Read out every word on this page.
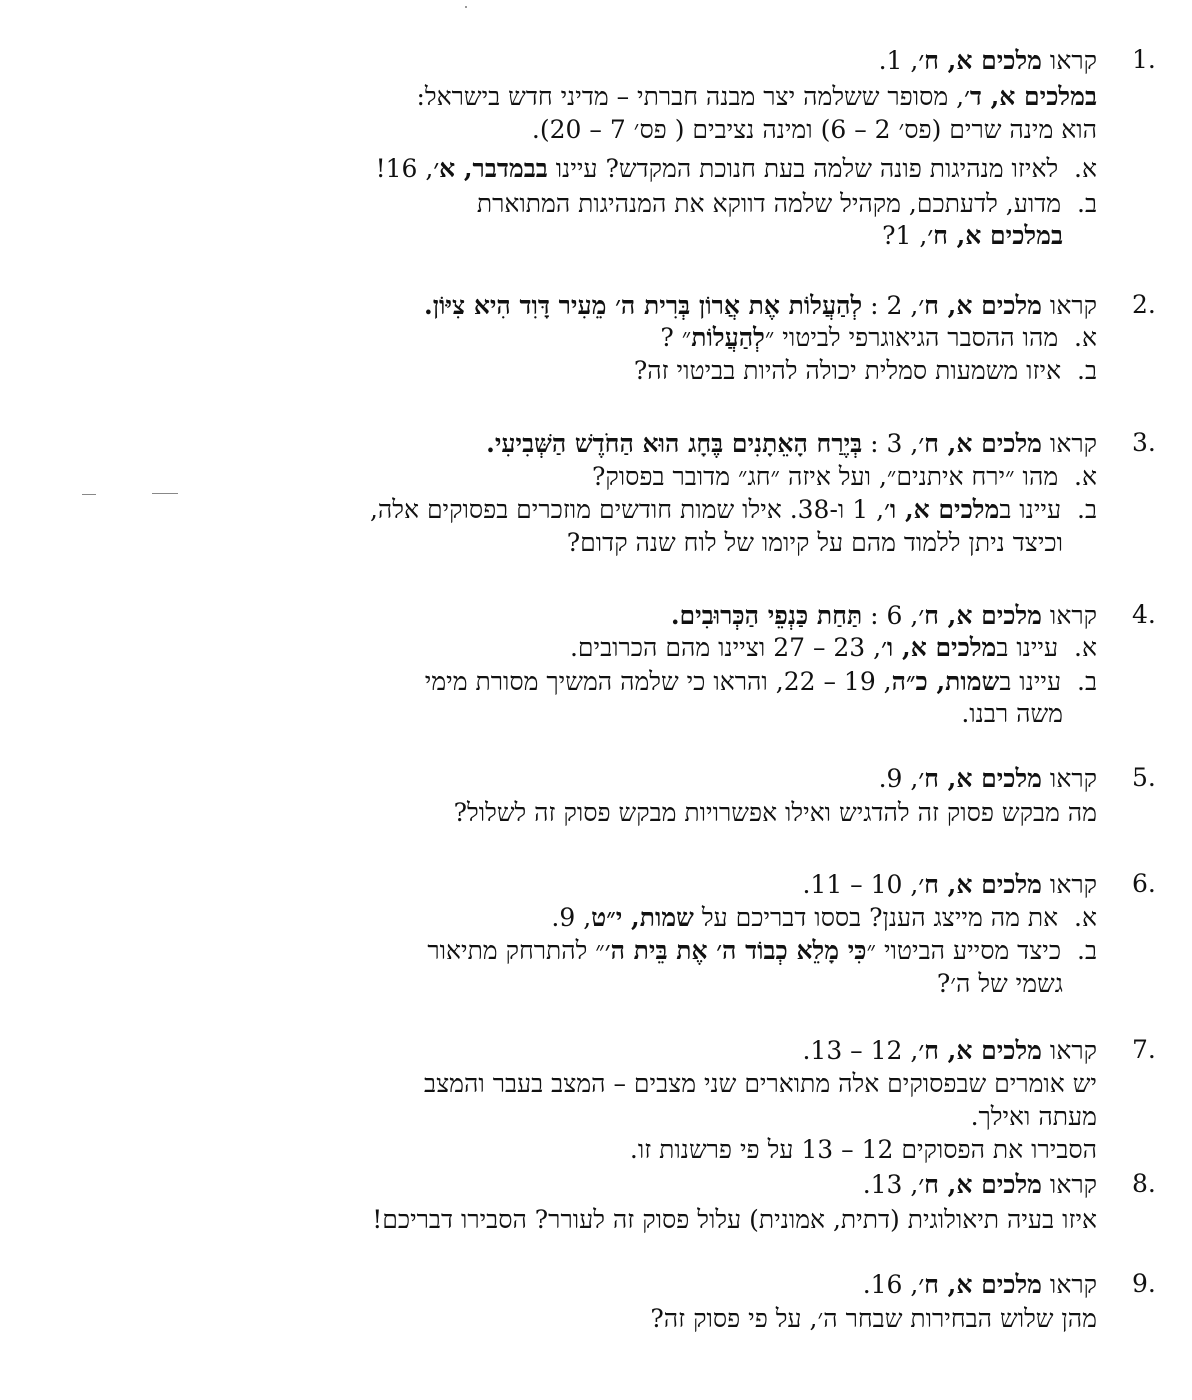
1.

קראו מלכים א, ח׳, 1.

במלכים א, ד׳, מסופר ששלמה יצר מבנה חברתי – מדיני חדש בישראל:

הוא מינה שרים (פס׳ 2 – 6) ומינה נציבים ( פס׳ 7 – 20).

א.  לאיזו מנהיגות פונה שלמה בעת חנוכת המקדש? עיינו בבמדבר, א׳, 16!

ב.  מדוע, לדעתכם, מקהיל שלמה דווקא את המנהיגות המתוארת

במלכים א, ח׳, 1?

2.

קראו מלכים א, ח׳, 2 : לְהַעֲלוֹת אֶת אֲרוֹן בְּרִית ה׳ מֵעִיר דָּוִד הִיא צִיּוֹן.

א.  מהו ההסבר הגיאוגרפי לביטוי ״לְהַעֲלוֹת״ ?

ב.  איזו משמעות סמלית יכולה להיות בביטוי זה?

3.

קראו מלכים א, ח׳, 3 : בְּיֶרַח הָאֵתָנִים בֶּחָג הוּא הַחֹדֶשׁ הַשְּׁבִיעִי.

א.  מהו ״ירח איתנים״, ועל איזה ״חג״ מדובר בפסוק?

ב.  עיינו במלכים א, ו׳, 1 ו-38. אילו שמות חודשים מוזכרים בפסוקים אלה,

וכיצד ניתן ללמוד מהם על קיומו של לוח שנה קדום?

4.

קראו מלכים א, ח׳, 6 : תַּחַת כַּנְפֵי הַכְּרוּבִים.

א.  עיינו במלכים א, ו׳, 23 – 27 וציינו מהם הכרובים.

ב.  עיינו בשמות, כ״ה, 19 – 22, והראו כי שלמה המשיך מסורת מימי

משה רבנו.

5.

קראו מלכים א, ח׳, 9.

מה מבקש פסוק זה להדגיש ואילו אפשרויות מבקש פסוק זה לשלול?

6.

קראו מלכים א, ח׳, 10 – 11.

א.  את מה מייצג הענן? בססו דבריכם על שמות, י״ט, 9.

ב.  כיצד מסייע הביטוי ״כִּי מָלֵא כְבוֹד ה׳ אֶת בֵּית ה׳״ להתרחק מתיאור

גשמי של ה׳?

7.

קראו מלכים א, ח׳, 12 – 13.

יש אומרים שבפסוקים אלה מתוארים שני מצבים – המצב בעבר והמצב

מעתה ואילך.

הסבירו את הפסוקים 12 – 13 על פי פרשנות זו.

8.

קראו מלכים א, ח׳, 13.

איזו בעיה תיאולוגית (דתית, אמונית) עלול פסוק זה לעורר? הסבירו דבריכם!

9.

קראו מלכים א, ח׳, 16.

מהן שלוש הבחירות שבחר ה׳, על פי פסוק זה?
